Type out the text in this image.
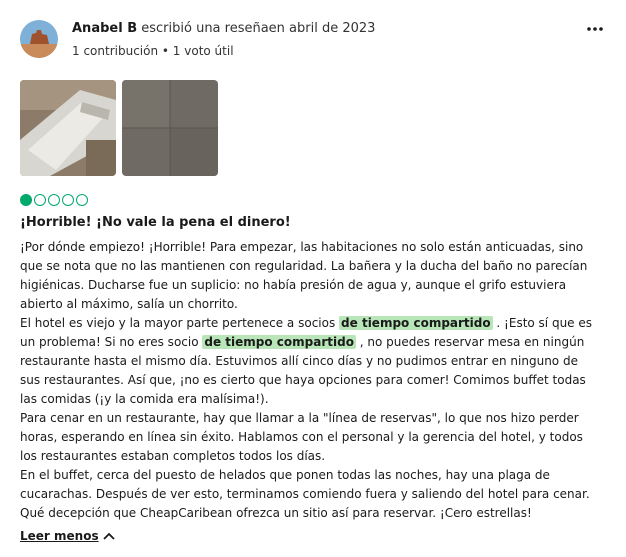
Anabel B escribió una reseñaen abril de 2023
1 contribución • 1 voto útil
¡Horrible! ¡No vale la pena el dinero!

¡Por dónde empiezo! ¡Horrible! Para empezar, las habitaciones no solo están anticuadas, sino que se nota que no las mantienen con regularidad. La bañera y la ducha del baño no parecían higiénicas. Ducharse fue un suplicio: no había presión de agua y, aunque el grifo estuviera abierto al máximo, salía un chorrito.

El hotel es viejo y la mayor parte pertenece a socios de tiempo compartido . ¡Esto sí que es un problema! Si no eres socio de tiempo compartido , no puedes reservar mesa en ningún restaurante hasta el mismo día. Estuvimos allí cinco días y no pudimos entrar en ninguno de sus restaurantes. Así que, ¡no es cierto que haya opciones para comer! Comimos buffet todas las comidas (¡y la comida era malísima!).

Para cenar en un restaurante, hay que llamar a la "línea de reservas", lo que nos hizo perder horas, esperando en línea sin éxito. Hablamos con el personal y la gerencia del hotel, y todos los restaurantes estaban completos todos los días.

En el buffet, cerca del puesto de helados que ponen todas las noches, hay una plaga de cucarachas. Después de ver esto, terminamos comiendo fuera y saliendo del hotel para cenar.

Qué decepción que CheapCaribean ofrezca un sitio así para reservar. ¡Cero estrellas!

Leer menos
